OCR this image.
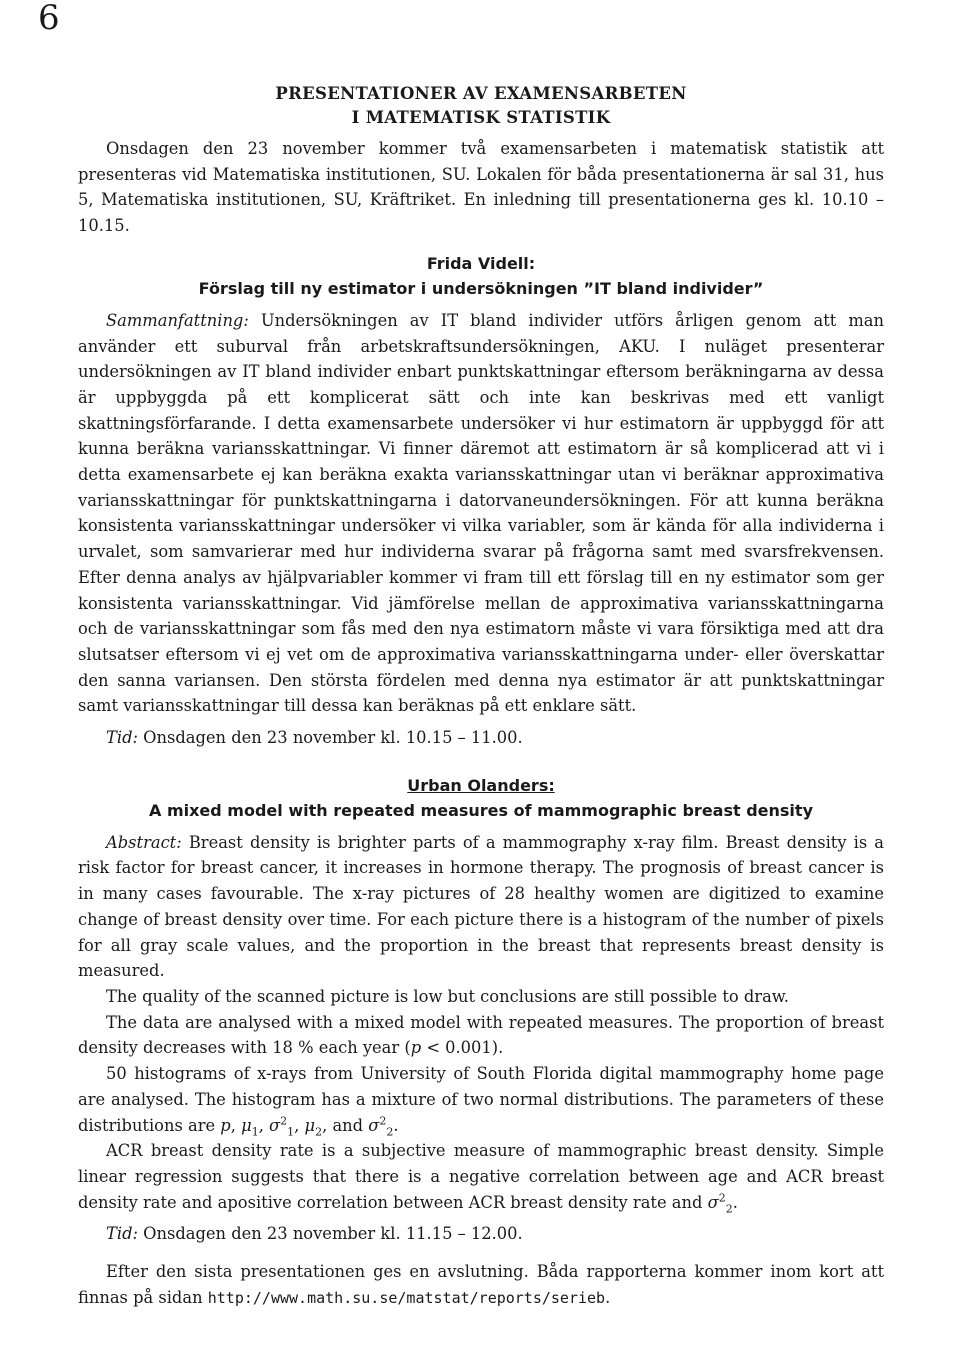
6
PRESENTATIONER AV EXAMENSARBETEN
I MATEMATISK STATISTIK

Onsdagen den 23 november kommer två examensarbeten i matematisk statistik att presenteras vid Matematiska institutionen, SU. Lokalen för båda presentationerna är sal 31, hus 5, Matematiska institutionen, SU, Kräftriket. En inledning till presentationerna ges kl. 10.10 – 10.15.

Frida Videll:
Förslag till ny estimator i undersökningen ”IT bland individer”

Sammanfattning: Undersökningen av IT bland individer utförs årligen genom att man använder ett suburval från arbetskraftsundersökningen, AKU. I nuläget presenterar undersökningen av IT bland individer enbart punktskattningar eftersom beräkningarna av dessa är uppbyggda på ett komplicerat sätt och inte kan beskrivas med ett vanligt skattningsförfarande. I detta examensarbete undersöker vi hur estimatorn är uppbyggd för att kunna beräkna variansskattningar. Vi finner däremot att estimatorn är så komplicerad att vi i detta examensarbete ej kan beräkna exakta variansskattningar utan vi beräknar approximativa variansskattningar för punktskattningarna i datorvaneundersökningen. För att kunna beräkna konsistenta variansskattningar undersöker vi vilka variabler, som är kända för alla individerna i urvalet, som samvarierar med hur individerna svarar på frågorna samt med svarsfrekvensen. Efter denna analys av hjälpvariabler kommer vi fram till ett förslag till en ny estimator som ger konsistenta variansskattningar. Vid jämförelse mellan de approximativa variansskattningarna och de variansskattningar som fås med den nya estimatorn måste vi vara försiktiga med att dra slutsatser eftersom vi ej vet om de approximativa variansskattningarna under- eller överskattar den sanna variansen. Den största fördelen med denna nya estimator är att punktskattningar samt variansskattningar till dessa kan beräknas på ett enklare sätt.

Tid: Onsdagen den 23 november kl. 10.15 – 11.00.

Urban Olanders:
A mixed model with repeated measures of mammographic breast density

Abstract: Breast density is brighter parts of a mammography x-ray film. Breast density is a risk factor for breast cancer, it increases in hormone therapy. The prognosis of breast cancer is in many cases favourable. The x-ray pictures of 28 healthy women are digitized to examine change of breast density over time. For each picture there is a histogram of the number of pixels for all gray scale values, and the proportion in the breast that represents breast density is measured.

The quality of the scanned picture is low but conclusions are still possible to draw.

The data are analysed with a mixed model with repeated measures. The proportion of breast density decreases with 18 % each year (p < 0.001).

50 histograms of x-rays from University of South Florida digital mammography home page are analysed. The histogram has a mixture of two normal distributions. The parameters of these distributions are p, $\mu_1$, $\sigma^2_1$, $\mu_2$, and $\sigma^2_2$.

ACR breast density rate is a subjective measure of mammographic breast density. Simple linear regression suggests that there is a negative correlation between age and ACR breast density rate and apositive correlation between ACR breast density rate and $\sigma^2_2$.

Tid: Onsdagen den 23 november kl. 11.15 – 12.00.

Efter den sista presentationen ges en avslutning. Båda rapporterna kommer inom kort att finnas på sidan http://www.math.su.se/matstat/reports/serieb.
